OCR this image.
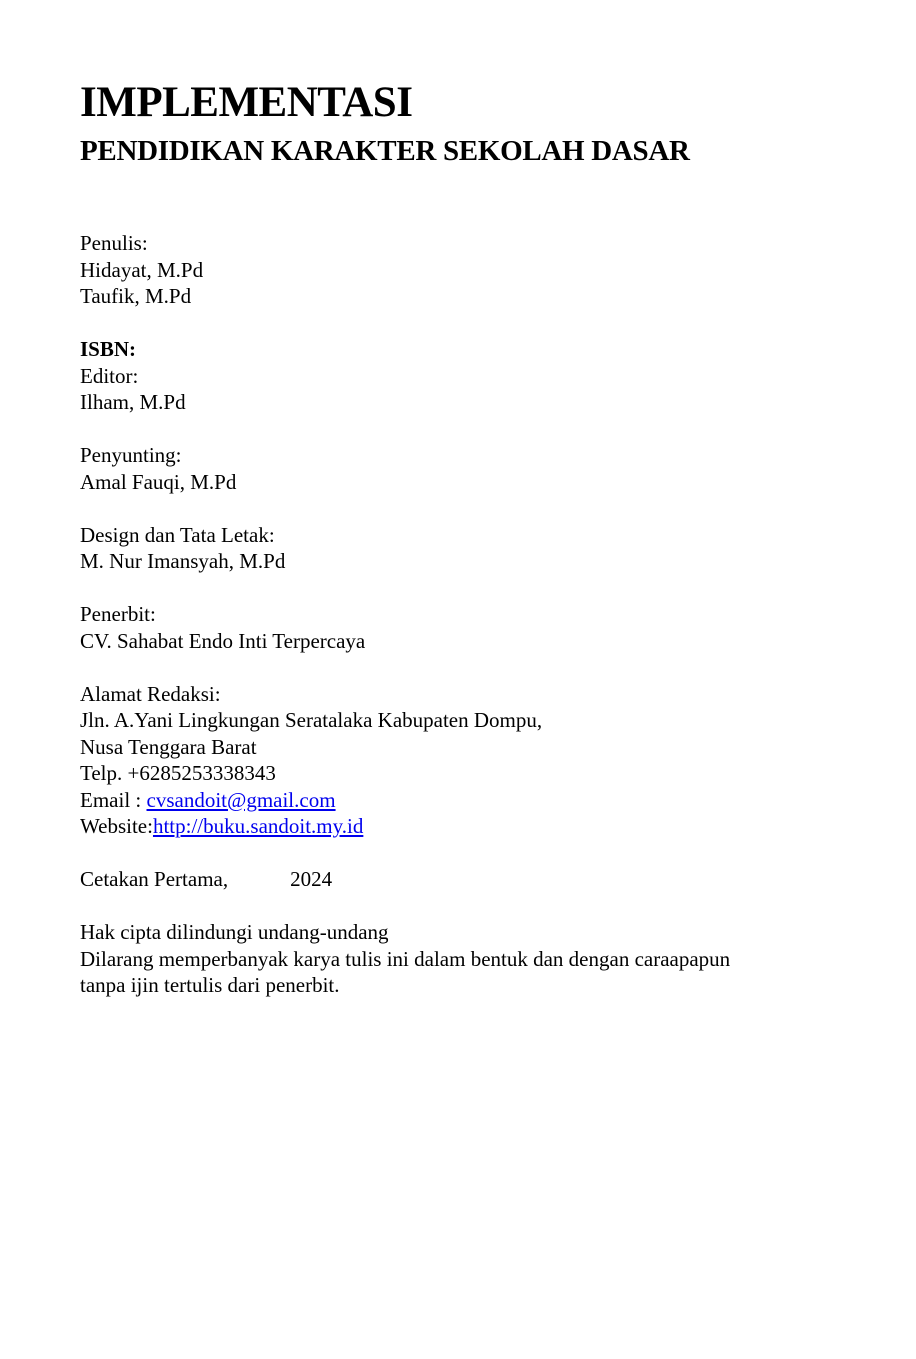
IMPLEMENTASI
PENDIDIKAN KARAKTER SEKOLAH DASAR

Penulis:

Hidayat, M.Pd

Taufik, M.Pd

ISBN:

Editor:

Ilham, M.Pd

Penyunting:

Amal Fauqi, M.Pd

Design dan Tata Letak:

M. Nur Imansyah, M.Pd

Penerbit:

CV. Sahabat Endo Inti Terpercaya

Alamat Redaksi:

Jln. A.Yani Lingkungan Seratalaka Kabupaten Dompu,

Nusa Tenggara Barat

Telp. +6285253338343

Email : cvsandoit@gmail.com

Website:http://buku.sandoit.my.id

Cetakan Pertama,	2024

Hak cipta dilindungi undang-undang

Dilarang memperbanyak karya tulis ini dalam bentuk dan dengan caraapapun

tanpa ijin tertulis dari penerbit.
